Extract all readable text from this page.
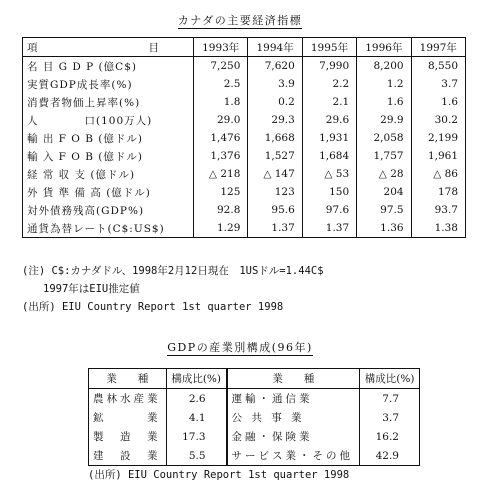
カナダの主要経済指標
項　　目	1993年	1994年	1995年	1996年	1997年
名 目 G D P (億C$)	7,250	7,620	7,990	8,200	8,550
実質GDP成長率(%)	2.5	3.9	2.2	1.2	3.7
消費者物価上昇率(%)	1.8	0.2	2.1	1.6	1.6
人　　　　口(100万人)	29.0	29.3	29.6	29.9	30.2
輸 出 F O B (億ドル)	1,476	1,668	1,931	2,058	2,199
輸 入 F O B (億ドル)	1,376	1,527	1,684	1,757	1,961
経 常 収 支 (億ドル)	△ 218	△ 147	△ 53	△ 28	△ 86
外 貨 準 備 高 (億ドル)	125	123	150	204	178
対外債務残高(GDP%)	92.8	95.6	97.6	97.5	93.7
通貨為替レート(C$:US$)	1.29	1.37	1.37	1.36	1.38
(注) C$:カナダドル、1998年2月12日現在　1USドル=1.44C$
　　1997年はEIU推定値
(出所) EIU Country Report 1st quarter 1998
GDPの産業別構成(96年)
業　　種	構成比(%)	業　　種	構成比(%)
農林水産業	2.6	運輸・通信業	7.7
鉱　　　業	4.1	公 共 事 業	3.7
製　造　業	17.3	金融・保険業	16.2
建　設　業	5.5	サービス業・その他	42.9
(出所) EIU Country Report 1st quarter 1998
